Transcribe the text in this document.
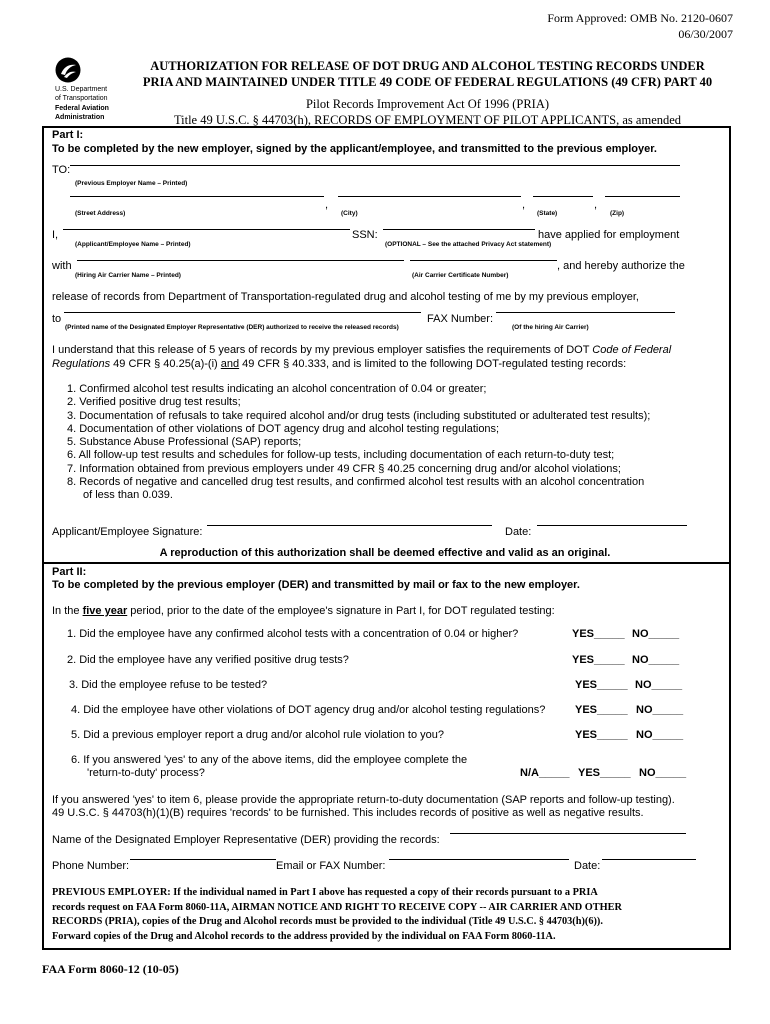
Form Approved: OMB No. 2120-0607
06/30/2007
U.S. Department
of Transportation
Federal Aviation
Administration
AUTHORIZATION FOR RELEASE OF DOT DRUG AND ALCOHOL TESTING RECORDS UNDER
PRIA AND MAINTAINED UNDER TITLE 49 CODE OF FEDERAL REGULATIONS (49 CFR) PART 40
Pilot Records Improvement Act Of 1996 (PRIA)
Title 49 U.S.C. § 44703(h), RECORDS OF EMPLOYMENT OF PILOT APPLICANTS, as amended
Part I:
To be completed by the new employer, signed by the applicant/employee, and transmitted to the previous employer.
TO:
(Previous Employer Name – Printed)
,	,	,
(Street Address)	(City)	(State)	(Zip)
I,	SSN:	have applied for employment
(Applicant/Employee Name – Printed)	(OPTIONAL – See the attached Privacy Act statement)
with	, and hereby authorize the
(Hiring Air Carrier Name – Printed)	(Air Carrier Certificate Number)
release of records from Department of Transportation-regulated drug and alcohol testing of me by my previous employer,
to	FAX Number:
(Printed name of the Designated Employer Representative (DER) authorized to receive the released records)	(Of the hiring Air Carrier)
I understand that this release of 5 years of records by my previous employer satisfies the requirements of DOT Code of Federal
Regulations 49 CFR § 40.25(a)-(i) and 49 CFR § 40.333, and is limited to the following DOT-regulated testing records:
1. Confirmed alcohol test results indicating an alcohol concentration of 0.04 or greater;
2. Verified positive drug test results;
3. Documentation of refusals to take required alcohol and/or drug tests (including substituted or adulterated test results);
4. Documentation of other violations of DOT agency drug and alcohol testing regulations;
5. Substance Abuse Professional (SAP) reports;
6. All follow-up test results and schedules for follow-up tests, including documentation of each return-to-duty test;
7. Information obtained from previous employers under 49 CFR § 40.25 concerning drug and/or alcohol violations;
8. Records of negative and cancelled drug test results, and confirmed alcohol test results with an alcohol concentration
of less than 0.039.
Applicant/Employee Signature:	Date:
A reproduction of this authorization shall be deemed effective and valid as an original.
Part II:
To be completed by the previous employer (DER) and transmitted by mail or fax to the new employer.
In the five year period, prior to the date of the employee's signature in Part I, for DOT regulated testing:
1. Did the employee have any confirmed alcohol tests with a concentration of 0.04 or higher?	YES_____ NO_____
2. Did the employee have any verified positive drug tests?	YES_____ NO_____
3. Did the employee refuse to be tested?	YES_____ NO_____
4. Did the employee have other violations of DOT agency drug and/or alcohol testing regulations?	YES_____ NO_____
5. Did a previous employer report a drug and/or alcohol rule violation to you?	YES_____ NO_____
6. If you answered 'yes' to any of the above items, did the employee complete the
'return-to-duty' process?	N/A_____ YES_____ NO_____
If you answered 'yes' to item 6, please provide the appropriate return-to-duty documentation (SAP reports and follow-up testing).
49 U.S.C. § 44703(h)(1)(B) requires 'records' to be furnished. This includes records of positive as well as negative results.
Name of the Designated Employer Representative (DER) providing the records:
Phone Number:	Email or FAX Number:	Date:
PREVIOUS EMPLOYER: If the individual named in Part I above has requested a copy of their records pursuant to a PRIA
records request on FAA Form 8060-11A, AIRMAN NOTICE AND RIGHT TO RECEIVE COPY -- AIR CARRIER AND OTHER
RECORDS (PRIA), copies of the Drug and Alcohol records must be provided to the individual (Title 49 U.S.C. § 44703(h)(6)).
Forward copies of the Drug and Alcohol records to the address provided by the individual on FAA Form 8060-11A.
FAA Form 8060-12 (10-05)
